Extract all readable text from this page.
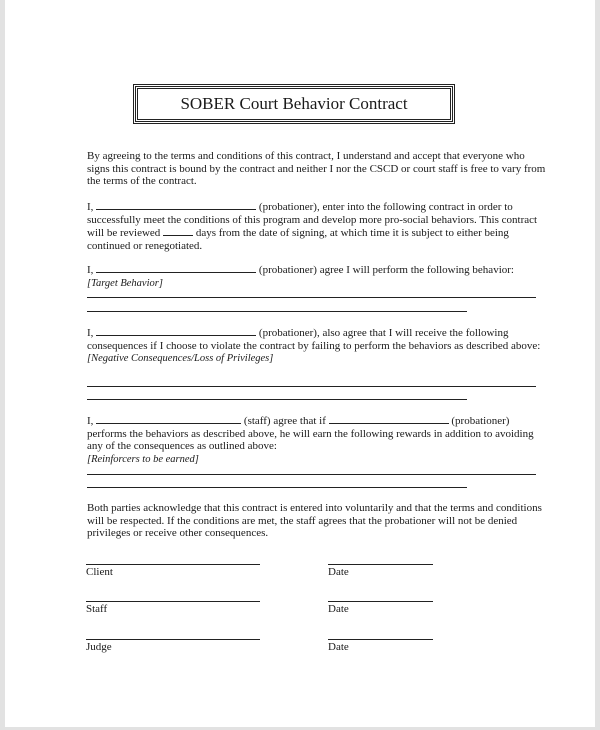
SOBER Court Behavior Contract
By agreeing to the terms and conditions of this contract, I understand and accept that everyone who signs this contract is bound by the contract and neither I nor the CSCD or court staff is free to vary from the terms of the contract.
I,	(probationer), enter into the following contract in order to successfully meet the conditions of this program and develop more pro-social behaviors. This contract will be reviewed	days from the date of signing, at which time it is subject to either being continued or renegotiated.
I,	(probationer) agree I will perform the following behavior:
[Target Behavior]
I,	(probationer), also agree that I will receive the following consequences if I choose to violate the contract by failing to perform the behaviors as described above:
[Negative Consequences/Loss of Privileges]
I,	(staff) agree that if	(probationer) performs the behaviors as described above, he will earn the following rewards in addition to avoiding any of the consequences as outlined above:
[Reinforcers to be earned]
Both parties acknowledge that this contract is entered into voluntarily and that the terms and conditions will be respected. If the conditions are met, the staff agrees that the probationer will not be denied privileges or receive other consequences.
Client	Date
Staff	Date
Judge	Date
